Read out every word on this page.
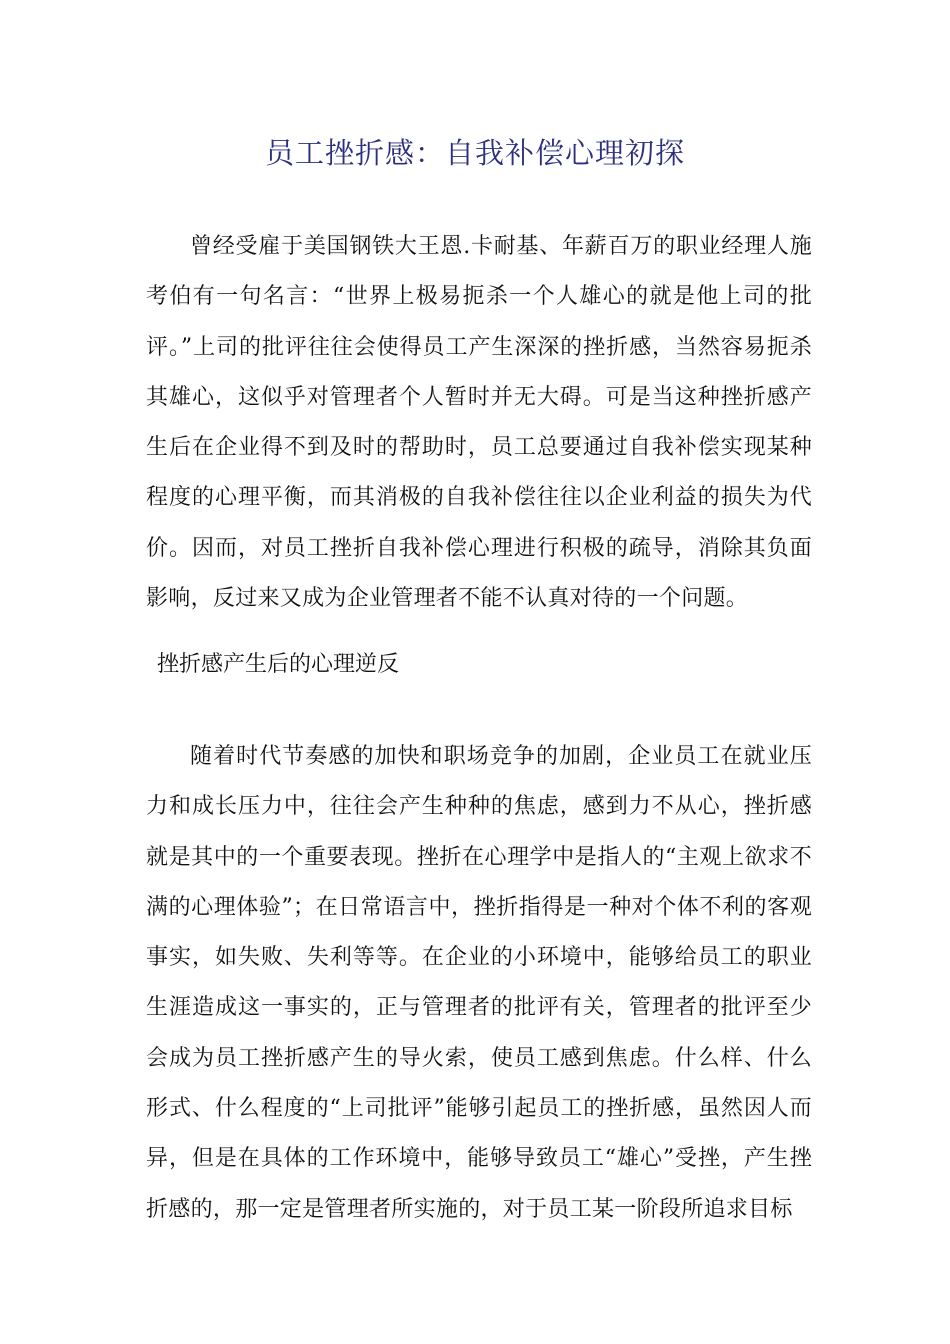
员工挫折感：自我补偿心理初探

曾经受雇于美国钢铁大王恩.卡耐基、年薪百万的职业经理人施考伯有一句名言：“世界上极易扼杀一个人雄心的就是他上司的批评。”上司的批评往往会使得员工产生深深的挫折感，当然容易扼杀其雄心，这似乎对管理者个人暂时并无大碍。可是当这种挫折感产生后在企业得不到及时的帮助时，员工总要通过自我补偿实现某种程度的心理平衡，而其消极的自我补偿往往以企业利益的损失为代价。因而，对员工挫折自我补偿心理进行积极的疏导，消除其负面影响，反过来又成为企业管理者不能不认真对待的一个问题。

挫折感产生后的心理逆反

随着时代节奏感的加快和职场竞争的加剧，企业员工在就业压力和成长压力中，往往会产生种种的焦虑，感到力不从心，挫折感就是其中的一个重要表现。挫折在心理学中是指人的“主观上欲求不满的心理体验”；在日常语言中，挫折指得是一种对个体不利的客观事实，如失败、失利等等。在企业的小环境中，能够给员工的职业生涯造成这一事实的，正与管理者的批评有关，管理者的批评至少会成为员工挫折感产生的导火索，使员工感到焦虑。什么样、什么形式、什么程度的“上司批评”能够引起员工的挫折感，虽然因人而异，但是在具体的工作环境中，能够导致员工“雄心”受挫，产生挫折感的，那一定是管理者所实施的，对于员工某一阶段所追求目标
